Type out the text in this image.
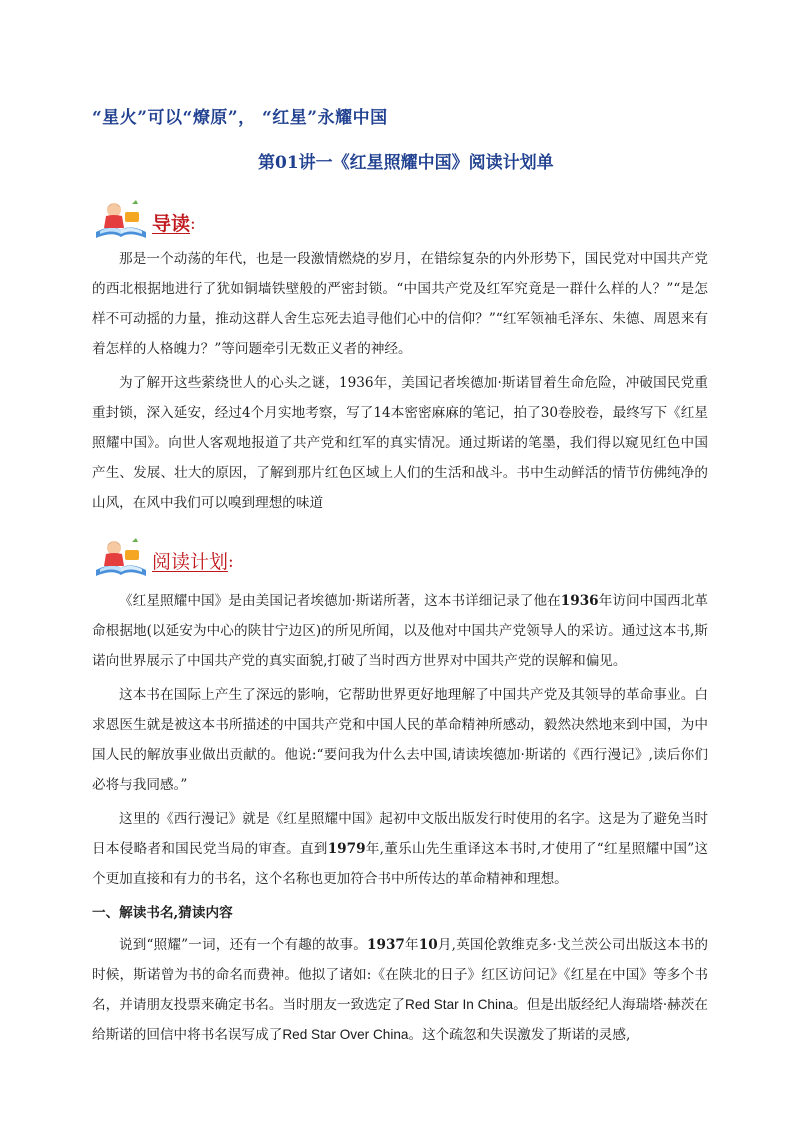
“星火”可以“燎原”， “红星”永耀中国
第01讲一《红星照耀中国》阅读计划单
导读 :

那是一个动荡的年代，也是一段激情燃烧的岁月，在错综复杂的内外形势下，国民党对中国共产党的西北根据地进行了犹如铜墙铁壁般的严密封锁。“中国共产党及红军究竟是一群什么样的人？”“是怎样不可动摇的力量，推动这群人舍生忘死去追寻他们心中的信仰？”“红军领袖毛泽东、朱德、周恩来有着怎样的人格魄力？”等问题牵引无数正义者的神经。

为了解开这些萦绕世人的心头之谜，1936年，美国记者埃德加·斯诺冒着生命危险，冲破国民党重重封锁，深入延安，经过4个月实地考察，写了14本密密麻麻的笔记，拍了30卷胶卷，最终写下《红星照耀中国》。向世人客观地报道了共产党和红军的真实情况。通过斯诺的笔墨，我们得以窥见红色中国产生、发展、壮大的原因，了解到那片红色区域上人们的生活和战斗。书中生动鲜活的情节仿佛纯净的山风，在风中我们可以嗅到理想的味道

阅读计划 :

《红星照耀中国》是由美国记者埃德加·斯诺所著，这本书详细记录了他在1936年访问中国西北革命根据地(以延安为中心的陕甘宁边区)的所见所闻，以及他对中国共产党领导人的采访。通过这本书,斯诺向世界展示了中国共产党的真实面貌,打破了当时西方世界对中国共产党的误解和偏见。

这本书在国际上产生了深远的影响，它帮助世界更好地理解了中国共产党及其领导的革命事业。白求恩医生就是被这本书所描述的中国共产党和中国人民的革命精神所感动，毅然决然地来到中国，为中国人民的解放事业做出贡献的。他说:“要问我为什么去中国,请读埃德加·斯诺的《西行漫记》,读后你们必将与我同感。”

这里的《西行漫记》就是《红星照耀中国》起初中文版出版发行时使用的名字。这是为了避免当时日本侵略者和国民党当局的审查。直到1979年,董乐山先生重译这本书时,才使用了“红星照耀中国”这个更加直接和有力的书名，这个名称也更加符合书中所传达的革命精神和理想。

一、解读书名,猜读内容

说到“照耀”一词，还有一个有趣的故事。1937年10月,英国伦敦维克多·戈兰茨公司出版这本书的时候，斯诺曾为书的命名而费神。他拟了诸如:《在陕北的日子》红区访问记》《红星在中国》等多个书名，并请朋友投票来确定书名。当时朋友一致选定了Red Star In China。但是出版经纪人海瑞塔·赫茨在给斯诺的回信中将书名误写成了Red Star Over China。这个疏忽和失误激发了斯诺的灵感,
